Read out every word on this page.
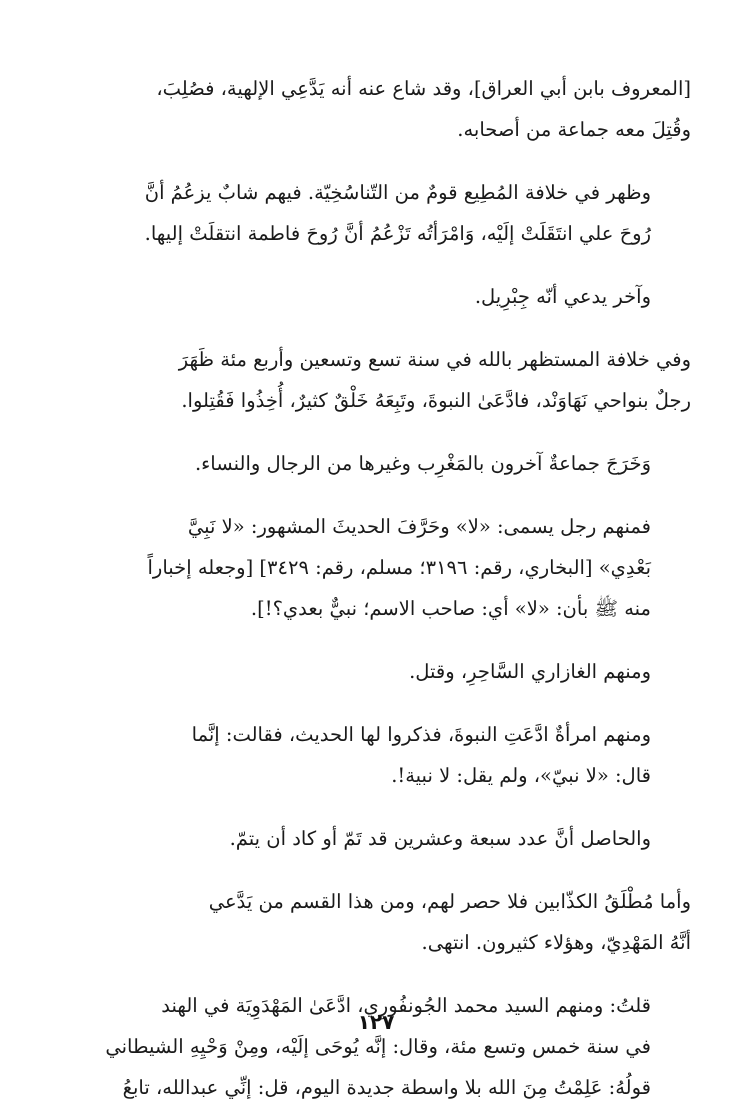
[المعروف بابن أبي العراق]، وقد شاع عنه أنه يَدَّعِي الإلهية، فصُلِبَ،
وقُتِلَ معه جماعة من أصحابه.
وظهر في خلافة المُطِيع قومٌ من التّناسُخِيّة. فيهم شابٌ يزعُمُ أنَّ
رُوحَ علي انتَقَلَتْ إلَيْه، وَامْرَأتُه تَزْعُمُ أنَّ رُوحَ فاطمة انتقلَتْ إليها.
وآخر يدعي أنّه جِبْرِيل.
وفي خلافة المستظهر بالله في سنة تسع وتسعين وأربع مئة ظَهَرَ
رجلٌ بنواحي نَهَاوَنْد، فادَّعَىٰ النبوةَ، وتَبِعَهُ خَلْقٌ كثيرٌ، أُخِذُوا فَقُتِلوا.
وَخَرَجَ جماعةٌ آخرون بالمَغْرِب وغيرها من الرجال والنساء.
فمنهم رجل يسمى: «لا» وحَرَّفَ الحديثَ المشهور: «لا نَبِيَّ
بَعْدِي» [البخاري، رقم: ٣١٩٦؛ مسلم، رقم: ٣٤٢٩] [وجعله إخباراً
منه ﷺ بأن: «لا» أي: صاحب الاسم؛ نبيٌّ بعدي؟!].
ومنهم الغازاري السَّاحِرِ، وقتل.
ومنهم امرأةٌ ادَّعَتِ النبوةَ، فذكروا لها الحديث، فقالت: إنَّما
قال: «لا نبيّ»، ولم يقل: لا نبية!.
والحاصل أنَّ عدد سبعة وعشرين قد تَمّ أو كاد أن يتمّ.
وأما مُطْلَقُ الكذّابين فلا حصر لهم، ومن هذا القسم من يَدَّعي
أنَّهُ المَهْدِيّ، وهؤلاء كثيرون. انتهى.
قلتُ: ومنهم السيد محمد الجُونفُورِي، ادَّعَىٰ المَهْدَوِيَة في الهند
في سنة خمس وتسع مئة، وقال: إنَّه يُوحَى إلَيْه، ومِنْ وَحْيِهِ الشيطاني
قولُهُ: عَلِمْتُ مِنَ الله بلا واسطة جديدة اليوم، قل: إنِّي عبدالله، تابعُ
١٢٧
